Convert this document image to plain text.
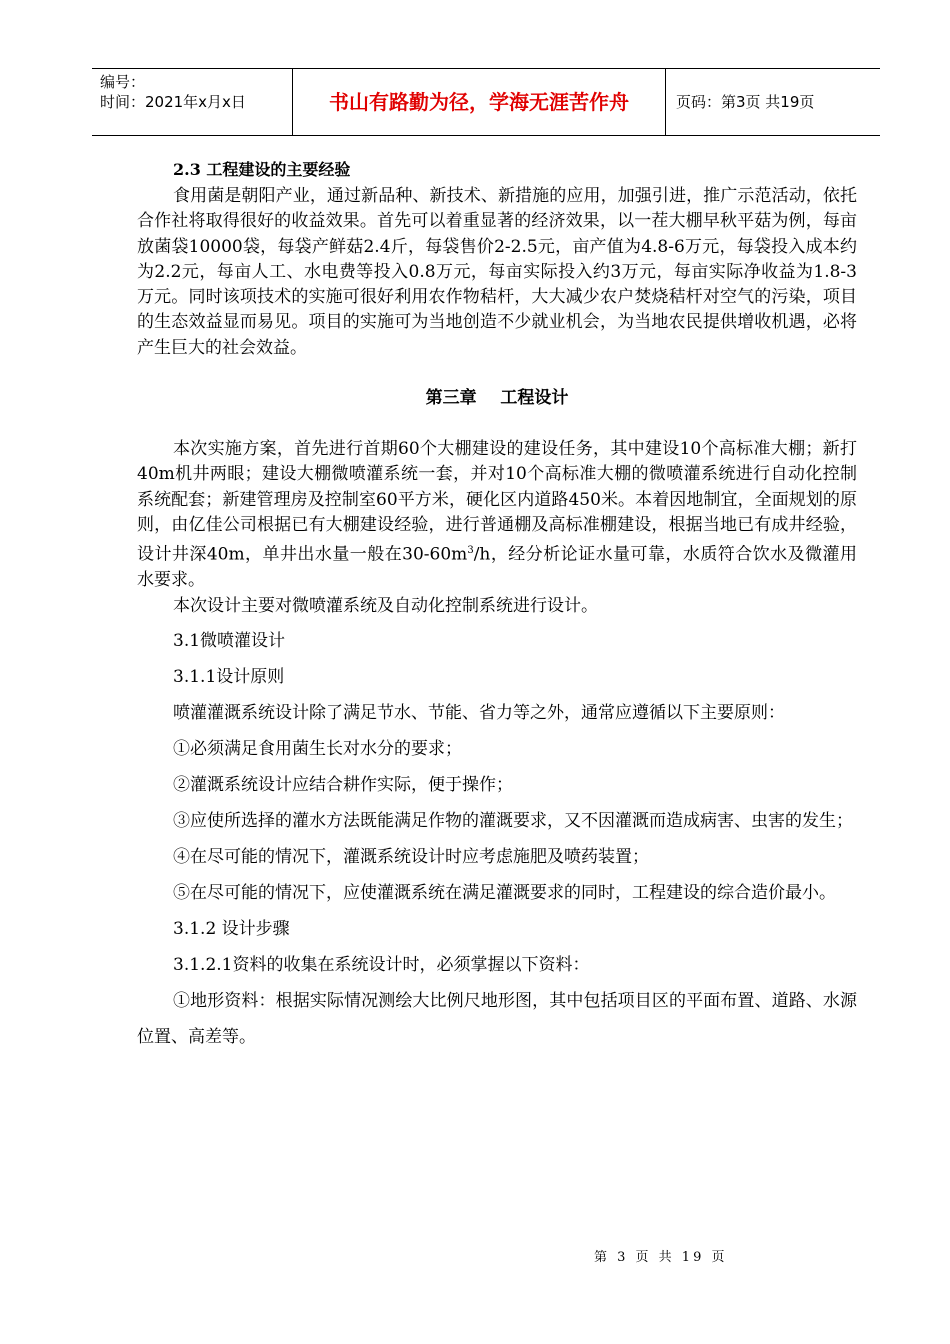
编号：
时间：2021年x月x日	书山有路勤为径，学海无涯苦作舟	页码：第3页 共19页
2.3 工程建设的主要经验

食用菌是朝阳产业，通过新品种、新技术、新措施的应用，加强引进，推广示范活动，依托合作社将取得很好的收益效果。首先可以着重显著的经济效果，以一茬大棚早秋平菇为例，每亩放菌袋10000袋，每袋产鲜菇2.4斤，每袋售价2-2.5元，亩产值为4.8-6万元，每袋投入成本约为2.2元，每亩人工、水电费等投入0.8万元，每亩实际投入约3万元，每亩实际净收益为1.8-3万元。同时该项技术的实施可很好利用农作物秸杆，大大减少农户焚烧秸杆对空气的污染，项目的生态效益显而易见。项目的实施可为当地创造不少就业机会，为当地农民提供增收机遇，必将产生巨大的社会效益。

第三章    工程设计

本次实施方案，首先进行首期60个大棚建设的建设任务，其中建设10个高标准大棚；新打40m机井两眼；建设大棚微喷灌系统一套，并对10个高标准大棚的微喷灌系统进行自动化控制系统配套；新建管理房及控制室60平方米，硬化区内道路450米。本着因地制宜，全面规划的原则，由亿佳公司根据已有大棚建设经验，进行普通棚及高标准棚建设，根据当地已有成井经验，设计井深40m，单井出水量一般在$30-60m^3/h$，经分析论证水量可靠，水质符合饮水及微灌用水要求。

本次设计主要对微喷灌系统及自动化控制系统进行设计。

3.1微喷灌设计

3.1.1设计原则

喷灌灌溉系统设计除了满足节水、节能、省力等之外，通常应遵循以下主要原则：

①必须满足食用菌生长对水分的要求；

②灌溉系统设计应结合耕作实际，便于操作；

③应使所选择的灌水方法既能满足作物的灌溉要求，又不因灌溉而造成病害、虫害的发生；

④在尽可能的情况下，灌溉系统设计时应考虑施肥及喷药装置；

⑤在尽可能的情况下，应使灌溉系统在满足灌溉要求的同时，工程建设的综合造价最小。

3.1.2 设计步骤

3.1.2.1资料的收集在系统设计时，必须掌握以下资料：

①地形资料：根据实际情况测绘大比例尺地形图，其中包括项目区的平面布置、道路、水源位置、高差等。

第 3 页 共 19 页
